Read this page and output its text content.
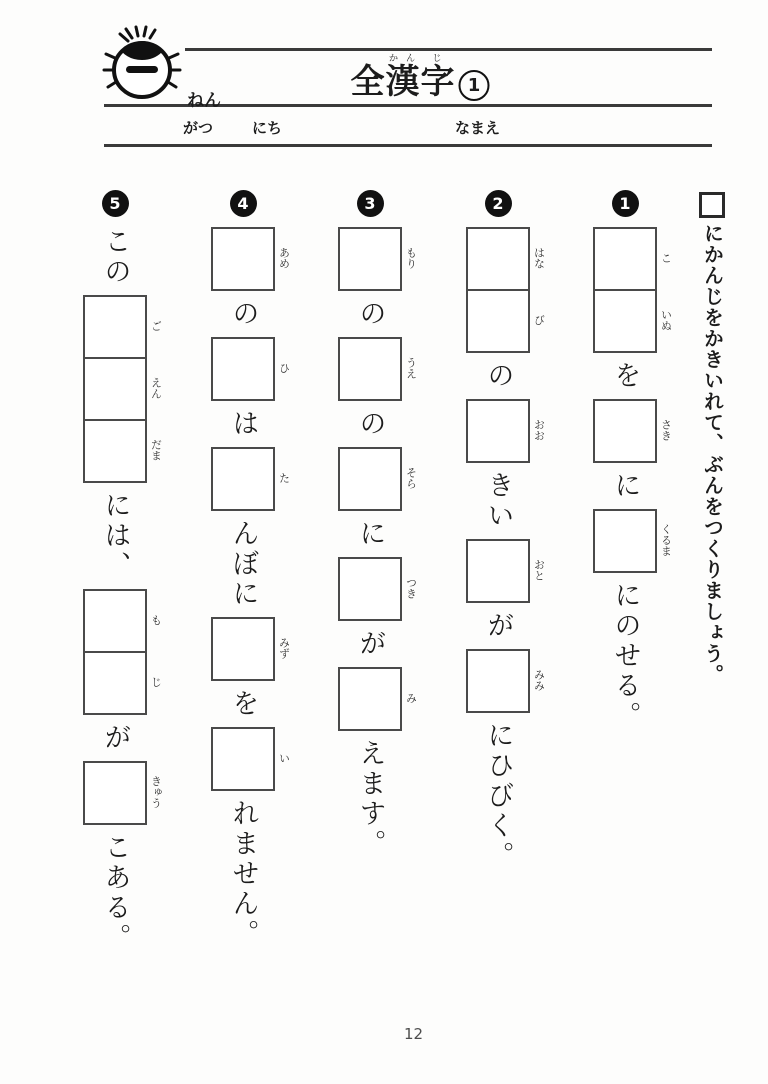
ねん	全 漢かん
字じ
1
がつ	にち	なまえ
にかんじをかきいれて、ぶんをつくりましょう。
1
こ
いぬ
を
さき
に
くるま
にのせる。
2
はな
び
の
おお
きい
おと
が
みみ
にひびく。
3
もり
の
うえ
の
そら
に
つき
が
み
えます。
4
あめ
の
ひ
は
た
んぼに
みず
を
い
れません。
5
この
ご
えん
だま
には、
も
じ
が
きゅう
こある。
12
